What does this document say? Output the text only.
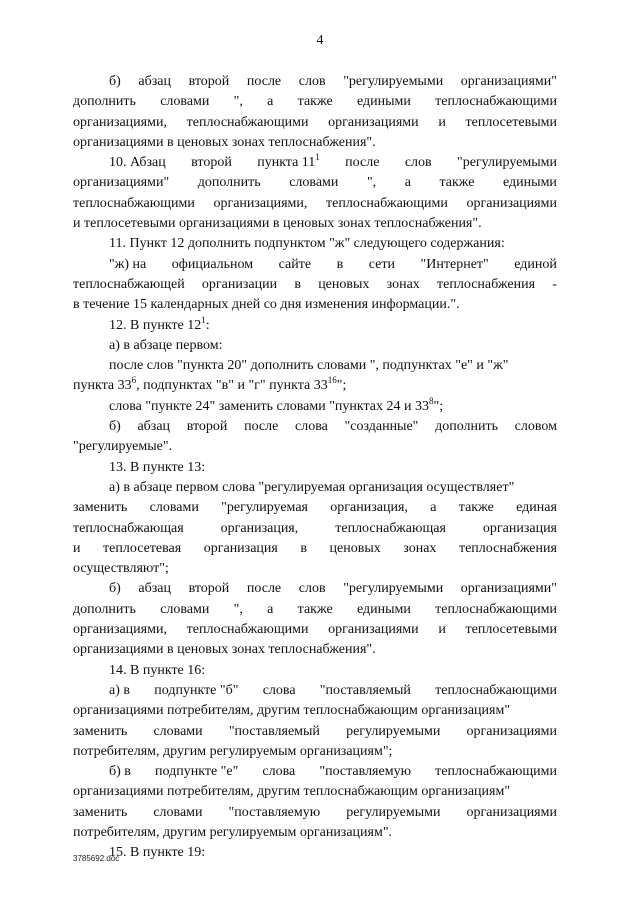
4
б) абзац второй после слов "регулируемыми организациями"
дополнить словами ", а также едиными теплоснабжающими
организациями, теплоснабжающими организациями и теплосетевыми
организациями в ценовых зонах теплоснабжения".
10. Абзац второй пункта $11^1$ после слов "регулируемыми
организациями" дополнить словами ", а также едиными
теплоснабжающими организациями, теплоснабжающими организациями
и теплосетевыми организациями в ценовых зонах теплоснабжения".
11. Пункт 12 дополнить подпунктом "ж" следующего содержания:
"ж) на официальном сайте в сети "Интернет" единой
теплоснабжающей организации в ценовых зонах теплоснабжения -
в течение 15 календарных дней со дня изменения информации.".
12. В пункте $12^1$:
а) в абзаце первом:
после слов "пункта 20" дополнить словами ", подпунктах "е" и "ж"
пункта $33^6$, подпунктах "в" и "г" пункта $33^{16}$";
слова "пункте 24" заменить словами "пунктах 24 и $33^8$";
б) абзац второй после слова "созданные" дополнить словом
"регулируемые".
13. В пункте 13:
а) в абзаце первом слова "регулируемая организация осуществляет"
заменить словами "регулируемая организация, а также единая
теплоснабжающая	организация,	теплоснабжающая	организация
и теплосетевая организация в ценовых зонах теплоснабжения
осуществляют";
б) абзац второй после слов "регулируемыми организациями"
дополнить словами ", а также едиными теплоснабжающими
организациями, теплоснабжающими организациями и теплосетевыми
организациями в ценовых зонах теплоснабжения".
14. В пункте 16:
а) в подпункте "б" слова "поставляемый теплоснабжающими
организациями потребителям, другим теплоснабжающим организациям"
заменить словами "поставляемый регулируемыми организациями
потребителям, другим регулируемым организациям";
б) в подпункте "е" слова "поставляемую теплоснабжающими
организациями потребителям, другим теплоснабжающим организациям"
заменить словами "поставляемую регулируемыми организациями
потребителям, другим регулируемым организациям".
15. В пункте 19:
3785692.doc
